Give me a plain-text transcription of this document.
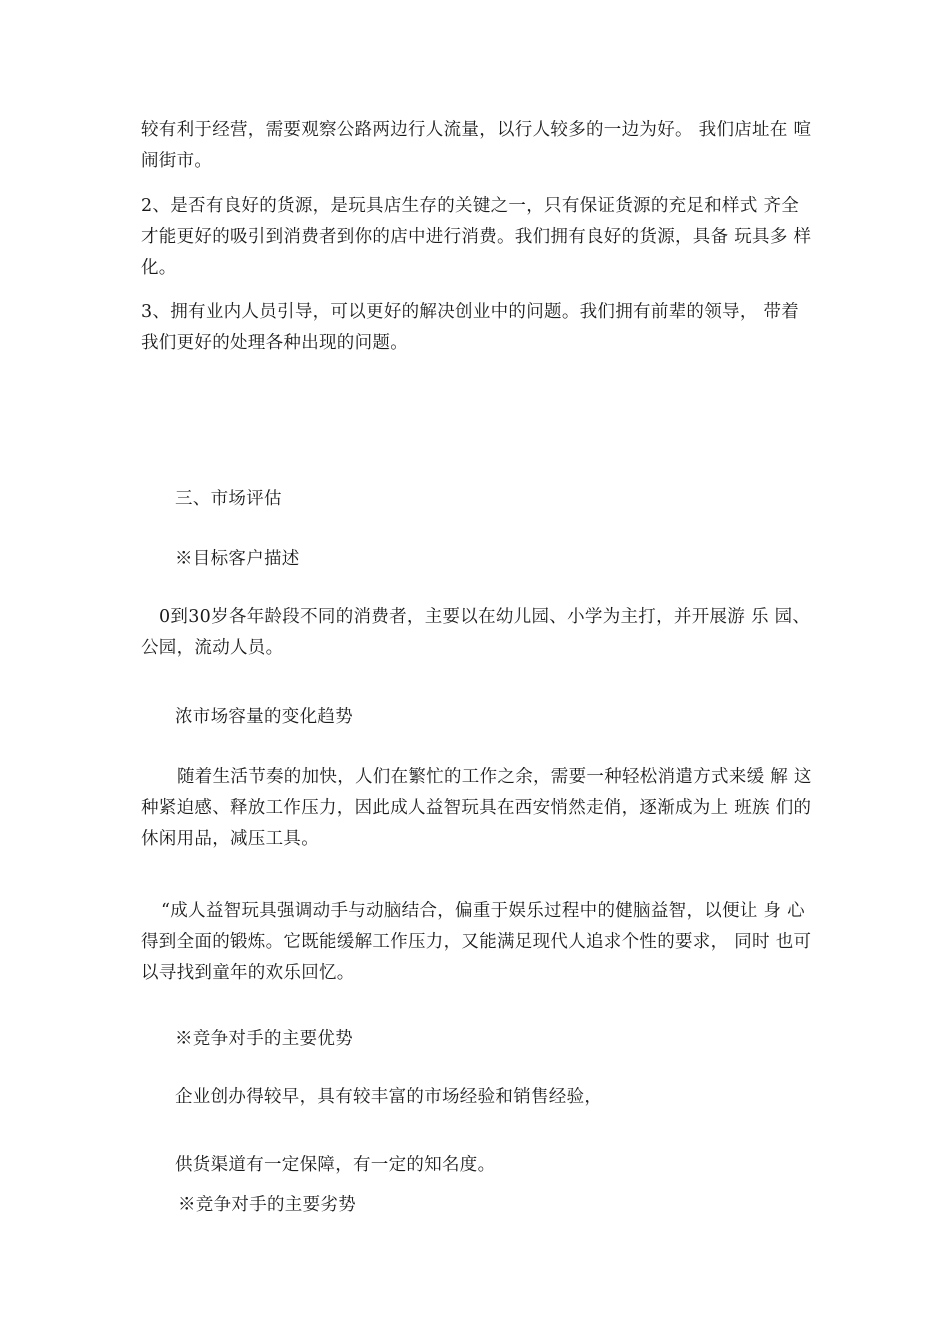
较有利于经营，需要观察公路两边行人流量，以行人较多的一边为好。 我们店址在 喧闹街市。

2、是否有良好的货源，是玩具店生存的关键之一，只有保证货源的充足和样式 齐全 才能更好的吸引到消费者到你的店中进行消费。我们拥有良好的货源，具备 玩具多 样化。

3、拥有业内人员引导，可以更好的解决创业中的问题。我们拥有前辈的领导， 带着 我们更好的处理各种出现的问题。

三、市场评估

※目标客户描述

0到30岁各年龄段不同的消费者，主要以在幼儿园、小学为主打，并开展游 乐 园、公园，流动人员。

浓市场容量的变化趋势

随着生活节奏的加快，人们在繁忙的工作之余，需要一种轻松消遣方式来缓 解 这种紧迫感、释放工作压力，因此成人益智玩具在西安悄然走俏，逐渐成为上 班族 们的休闲用品，减压工具。

“成人益智玩具强调动手与动脑结合，偏重于娱乐过程中的健脑益智，以便让 身 心得到全面的锻炼。它既能缓解工作压力，又能满足现代人追求个性的要求， 同时 也可以寻找到童年的欢乐回忆。

※竞争对手的主要优势

企业创办得较早，具有较丰富的市场经验和销售经验，

供货渠道有一定保障，有一定的知名度。

※竞争对手的主要劣势
